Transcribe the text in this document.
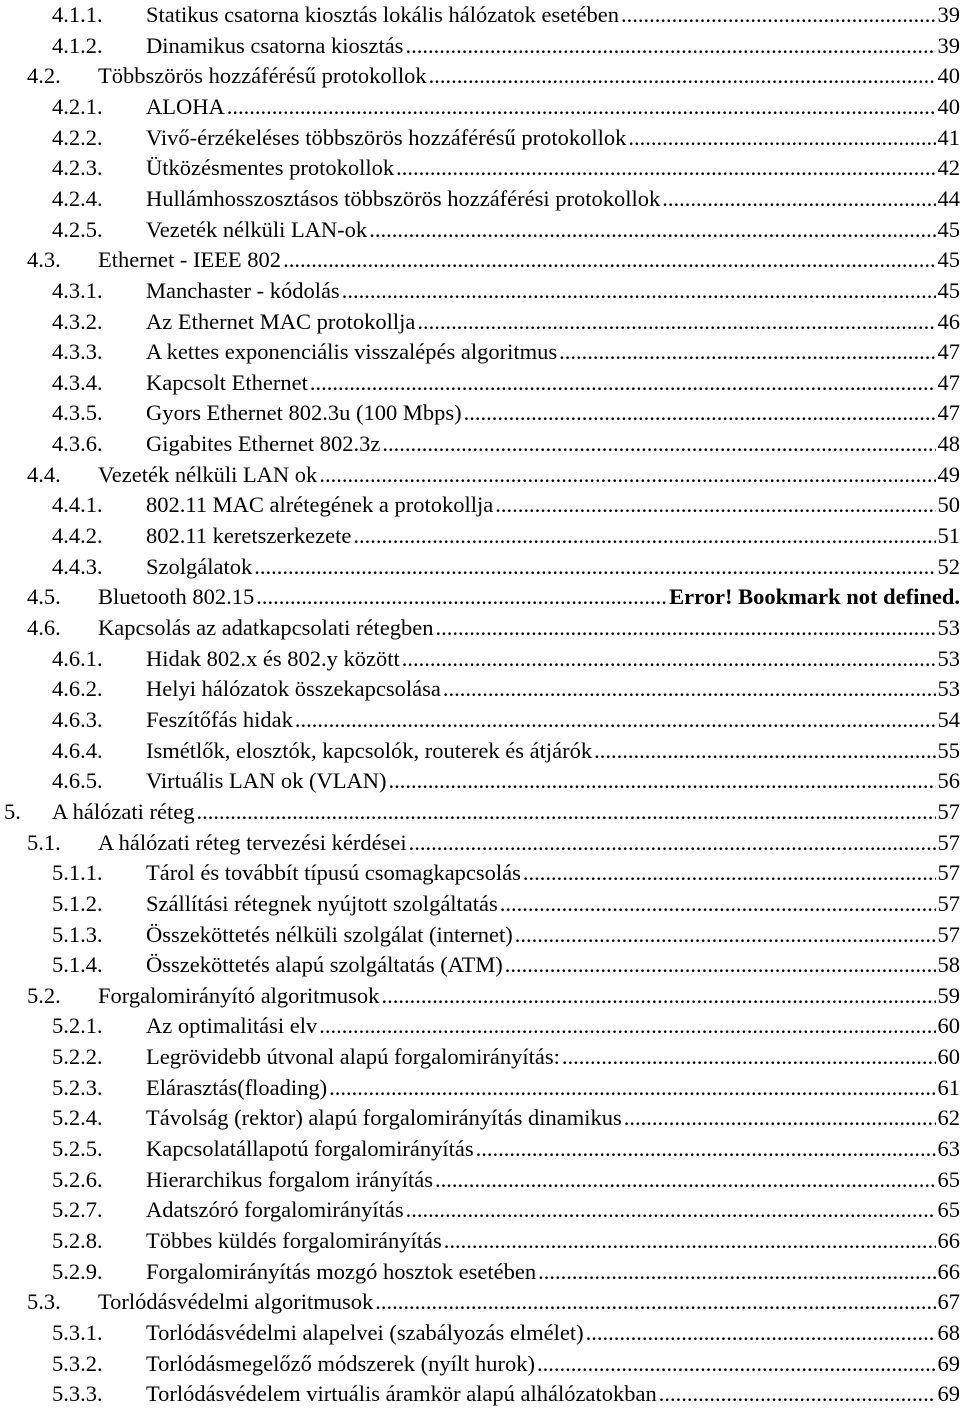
4.1.1. Statikus csatorna kiosztás lokális hálózatok esetében .....	39
4.1.2. Dinamikus csatorna kiosztás .....	39
4.2. Többszörös hozzáférésű protokollok .....	40
4.2.1. ALOHA .....	40
4.2.2. Vivő-érzékeléses többszörös hozzáférésű protokollok .....	41
4.2.3. Ütközésmentes protokollok .....	42
4.2.4. Hullámhosszosztásos többszörös hozzáférési protokollok .....	44
4.2.5. Vezeték nélküli LAN-ok .....	45
4.3. Ethernet - IEEE 802 .....	45
4.3.1. Manchaster - kódolás .....	45
4.3.2. Az Ethernet MAC protokollja .....	46
4.3.3. A kettes exponenciális visszalépés algoritmus .....	47
4.3.4. Kapcsolt Ethernet .....	47
4.3.5. Gyors Ethernet 802.3u (100 Mbps) .....	47
4.3.6. Gigabites Ethernet 802.3z .....	48
4.4. Vezeték nélküli LAN ok .....	49
4.4.1. 802.11 MAC alrétegének a protokollja .....	50
4.4.2. 802.11 keretszerkezete .....	51
4.4.3. Szolgálatok .....	52
4.5. Bluetooth 802.15 .....	Error! Bookmark not defined.
4.6. Kapcsolás az adatkapcsolati rétegben .....	53
4.6.1. Hidak 802.x és 802.y között .....	53
4.6.2. Helyi hálózatok összekapcsolása .....	53
4.6.3. Feszítőfás hidak .....	54
4.6.4. Ismétlők, elosztók, kapcsolók, routerek és átjárók .....	55
4.6.5. Virtuális LAN ok (VLAN) .....	56
5. A hálózati réteg .....	57
5.1. A hálózati réteg tervezési kérdései .....	57
5.1.1. Tárol és továbbít típusú csomagkapcsolás .....	57
5.1.2. Szállítási rétegnek nyújtott szolgáltatás .....	57
5.1.3. Összeköttetés nélküli szolgálat (internet) .....	57
5.1.4. Összeköttetés alapú szolgáltatás (ATM) .....	58
5.2. Forgalomirányító algoritmusok .....	59
5.2.1. Az optimalitási elv .....	60
5.2.2. Legrövidebb útvonal alapú forgalomirányítás: .....	60
5.2.3. Elárasztás(floading) .....	61
5.2.4. Távolság (rektor) alapú forgalomirányítás dinamikus .....	62
5.2.5. Kapcsolatállapotú forgalomirányítás .....	63
5.2.6. Hierarchikus forgalom irányítás .....	65
5.2.7. Adatszóró forgalomirányítás .....	65
5.2.8. Többes küldés forgalomirányítás .....	66
5.2.9. Forgalomirányítás mozgó hosztok esetében .....	66
5.3. Torlódásvédelmi algoritmusok .....	67
5.3.1. Torlódásvédelmi alapelvei (szabályozás elmélet) .....	68
5.3.2. Torlódásmegelőző módszerek (nyílt hurok) .....	69
5.3.3. Torlódásvédelem virtuális áramkör alapú alhálózatokban .....	69
